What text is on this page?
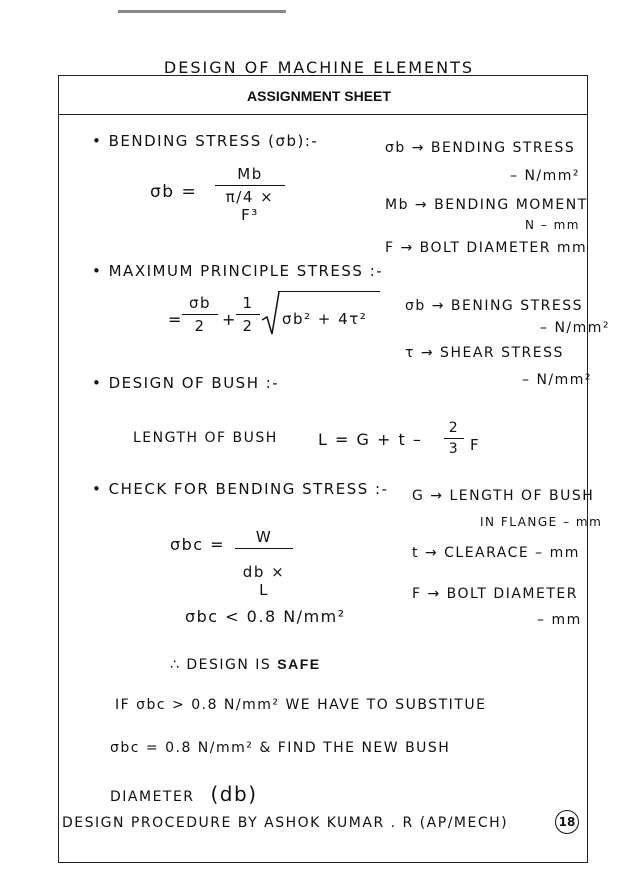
DESIGN OF MACHINE ELEMENTS
ASSIGNMENT SHEET
• BENDING STRESS (σb):-	σb → BENDING STRESS
– N/mm²
$\sigma b = \frac{Mb}{\text{π/4 × F³}}$	Mb → BENDING MOMENT
N – mm
F → BOLT DIAMETER mm
• MAXIMUM PRINCIPLE STRESS :-
= $\frac{\sigma b}{2} + \frac{1}{2} \sigma b^2 + 4\tau^2$
σb → BENING STRESS
– N/mm²
τ → SHEAR STRESS
– N/mm²
• DESIGN OF BUSH :-
LENGTH OF BUSH	$L = G + t - \frac{2}{3}$ F
• CHECK FOR BENDING STRESS :- G → LENGTH OF BUSH
IN FLANGE – mm
$\sigma bc = \frac{W}{db \times L}$	t → CLEARACE – mm
F → BOLT DIAMETER
– mm
σbc < 0.8 N/mm²
∴ DESIGN IS SAFE
IF σbc > 0.8 N/mm² WE HAVE TO SUBSTITUE
σbc = 0.8 N/mm² & FIND THE NEW BUSH
DIAMETER (db)
DESIGN PROCEDURE BY ASHOK KUMAR . R (AP/MECH)	18
